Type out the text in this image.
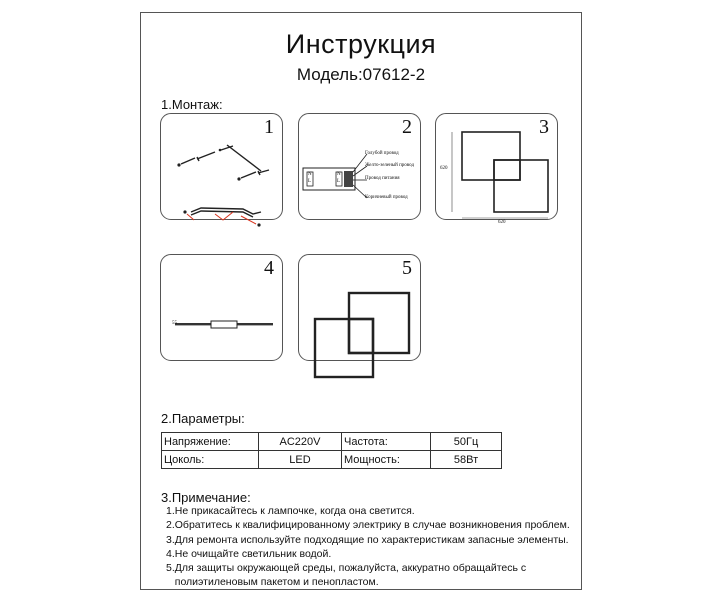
Инструкция
Модель:07612-2
1.Монтаж:
1	2
N
L
N
L
Голубой провод
Желто-зеленый провод
Провод питания
Коричневый провод
3
620
620
4
55
5
2.Параметры:
Напряжение:	AC220V	Частота:	50Гц
Цоколь:	LED	Мощность:	58Вт
3.Примечание:
1.Не прикасайтесь к лампочке, когда она светится.
2.Обратитесь к квалифицированному электрику в случае возникновения проблем.
3.Для ремонта используйте подходящие по характеристикам запасные элементы.
4.Не очищайте светильник водой.
5.Для защиты окружающей среды, пожалуйста, аккуратно обращайтесь с
полиэтиленовым пакетом и пенопластом.
